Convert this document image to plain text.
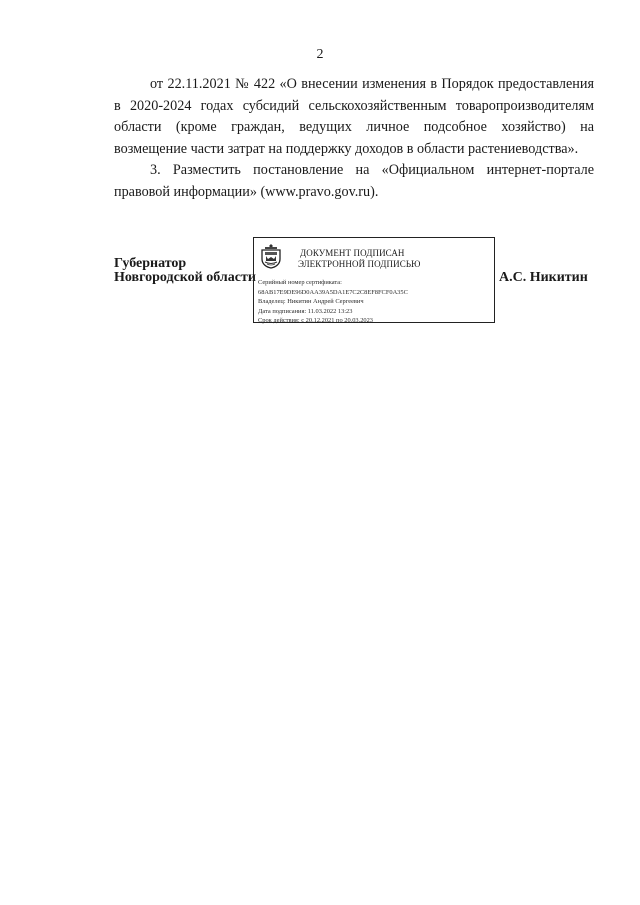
2

от 22.11.2021 № 422 «О внесении изменения в Порядок предоставления в 2020-2024 годах субсидий сельскохозяйственным товаропроизводителям области (кроме граждан, ведущих личное подсобное хозяйство) на возмещение части затрат на поддержку доходов в области растениеводства».

3. Разместить постановление на «Официальном интернет-портале правовой информации» (www.pravo.gov.ru).

Губернатор
Новгородской области
ДОКУМЕНТ ПОДПИСАН
ЭЛЕКТРОННОЙ ПОДПИСЬЮ
Серийный номер сертификата:
68AB17E9DE96D0AA39A5DA1E7C2C8EF8FCF0A35C
Владелец: Никитин Андрей Сергеевич
Дата подписания: 11.03.2022 13:23
Срок действия: с 20.12.2021 по 20.03.2023
А.С. Никитин
